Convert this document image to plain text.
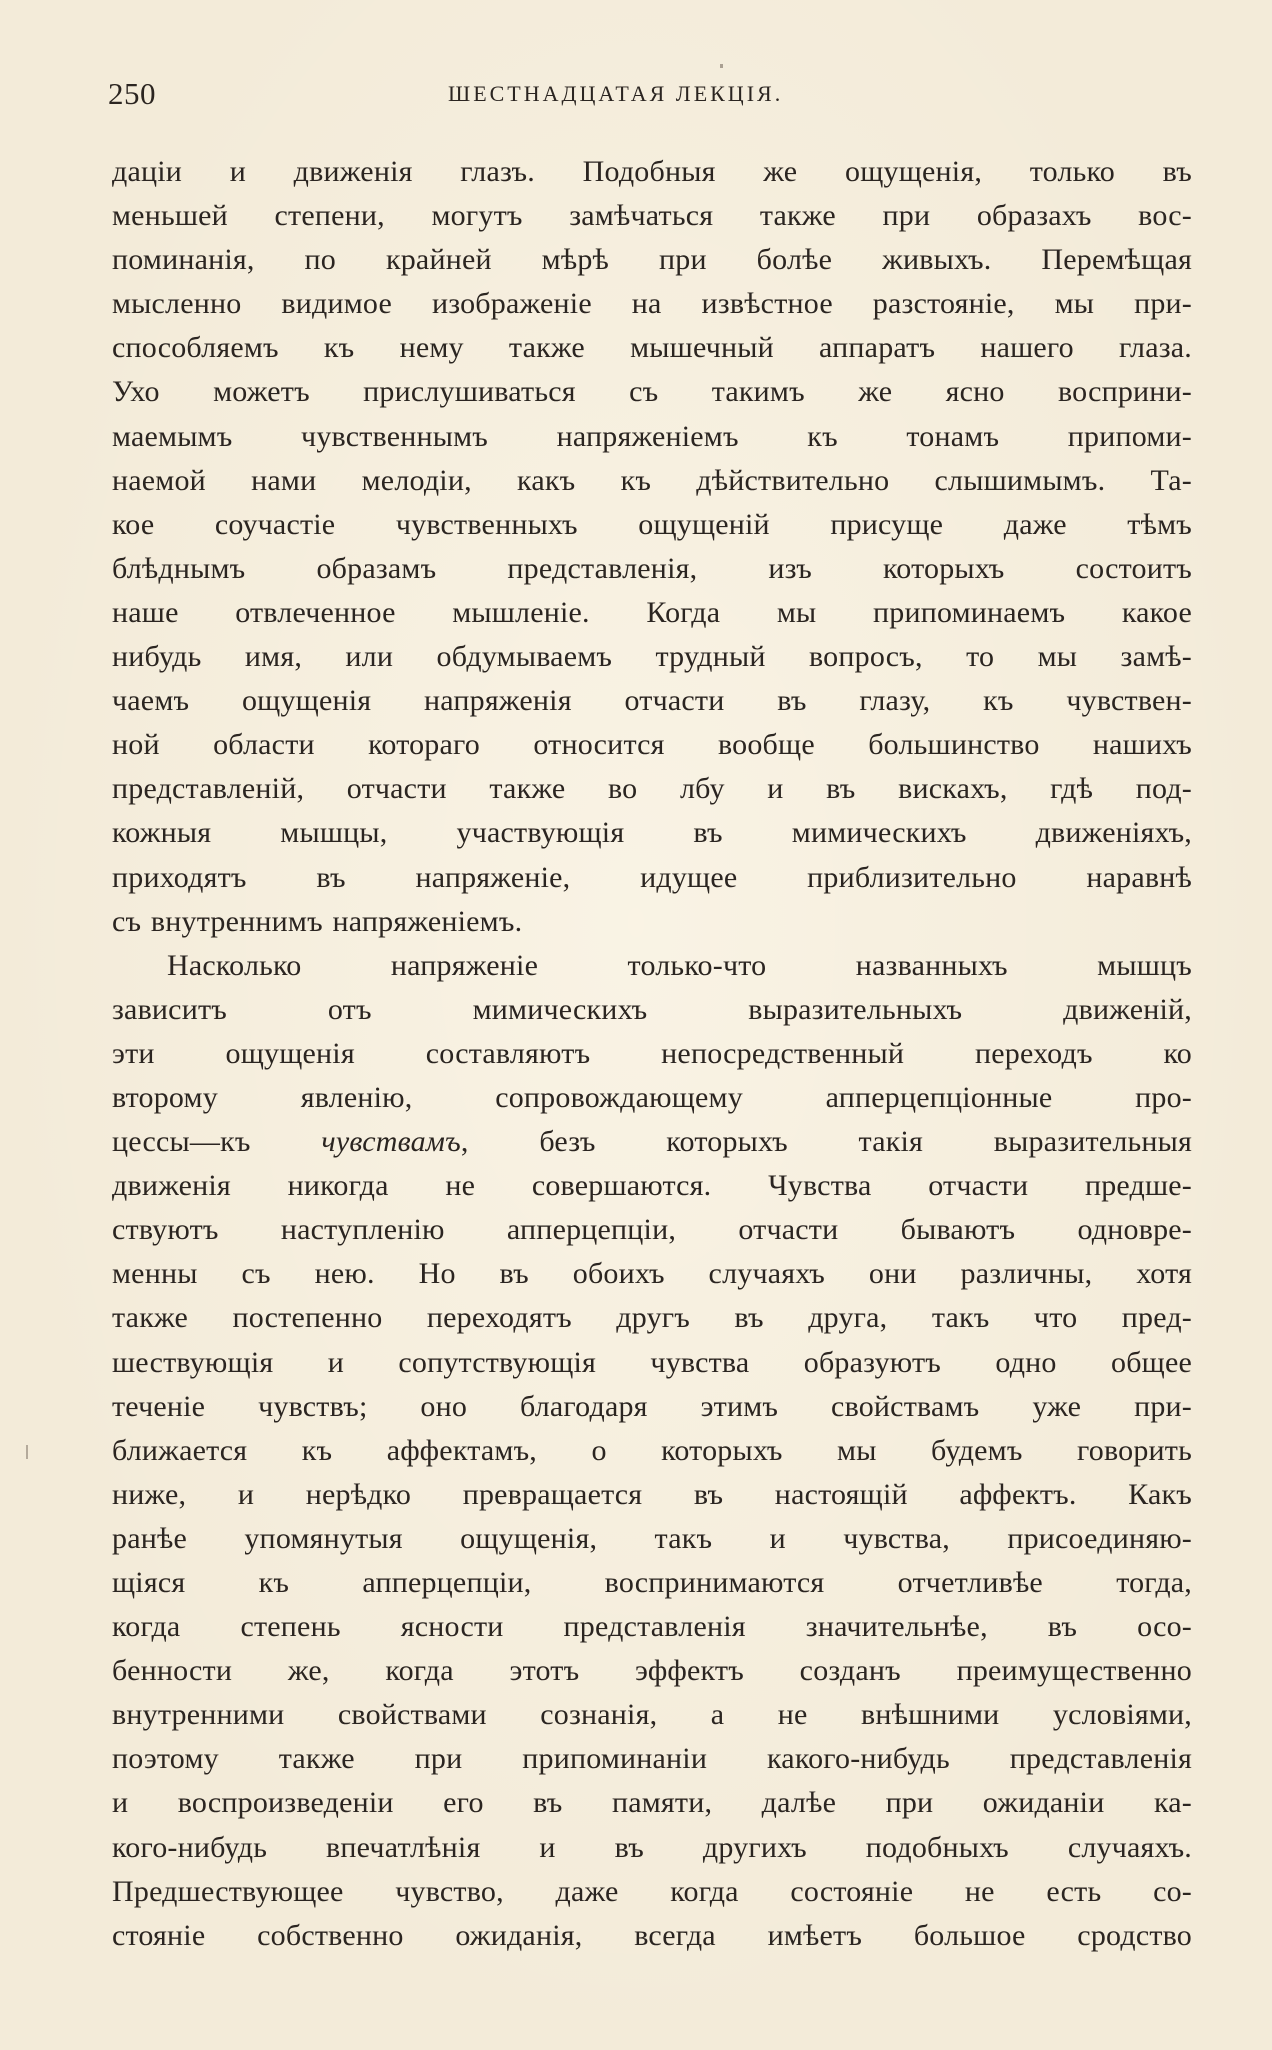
250	ШЕСТНАДЦАТАЯ ЛЕКЦІЯ.
даціи и движенія глазъ. Подобныя же ощущенія, только въ
меньшей степени, могутъ замѣчаться также при образахъ вос-
поминанія, по крайней мѣрѣ при болѣе живыхъ. Перемѣщая
мысленно видимое изображеніе на извѣстное разстояніе, мы при-
способляемъ къ нему также мышечный аппаратъ нашего глаза.
Ухо можетъ прислушиваться съ такимъ же ясно восприни-
маемымъ чувственнымъ напряженіемъ къ тонамъ припоми-
наемой нами мелодіи, какъ къ дѣйствительно слышимымъ. Та-
кое соучастіе чувственныхъ ощущеній присуще даже тѣмъ
блѣднымъ образамъ представленія, изъ которыхъ состоитъ
наше отвлеченное мышленіе. Когда мы припоминаемъ какое
нибудь имя, или обдумываемъ трудный вопросъ, то мы замѣ-
чаемъ ощущенія напряженія отчасти въ глазу, къ чувствен-
ной области котораго относится вообще большинство нашихъ
представленій, отчасти также во лбу и въ вискахъ, гдѣ под-
кожныя мышцы, участвующія въ мимическихъ движеніяхъ,
приходятъ въ напряженіе, идущее приблизительно наравнѣ
съ внутреннимъ напряженіемъ.
Насколько напряженіе только-что названныхъ мышцъ
зависитъ отъ мимическихъ выразительныхъ движеній,
эти ощущенія составляютъ непосредственный переходъ ко
второму явленію, сопровождающему апперцепціонные про-
цессы—къ чувствамъ, безъ которыхъ такія выразительныя
движенія никогда не совершаются. Чувства отчасти предше-
ствуютъ наступленію апперцепціи, отчасти бываютъ одновре-
менны съ нею. Но въ обоихъ случаяхъ они различны, хотя
также постепенно переходятъ другъ въ друга, такъ что пред-
шествующія и сопутствующія чувства образуютъ одно общее
теченіе чувствъ; оно благодаря этимъ свойствамъ уже при-
ближается къ аффектамъ, о которыхъ мы будемъ говорить
ниже, и нерѣдко превращается въ настоящій аффектъ. Какъ
ранѣе упомянутыя ощущенія, такъ и чувства, присоединяю-
щіяся къ апперцепціи, воспринимаются отчетливѣе тогда,
когда степень ясности представленія значительнѣе, въ осо-
бенности же, когда этотъ эффектъ созданъ преимущественно
внутренними свойствами сознанія, а не внѣшними условіями,
поэтому также при припоминаніи какого-нибудь представленія
и воспроизведеніи его въ памяти, далѣе при ожиданіи ка-
кого-нибудь впечатлѣнія и въ другихъ подобныхъ случаяхъ.
Предшествующее чувство, даже когда состояніе не есть со-
стояніе собственно ожиданія, всегда имѣетъ большое сродство
